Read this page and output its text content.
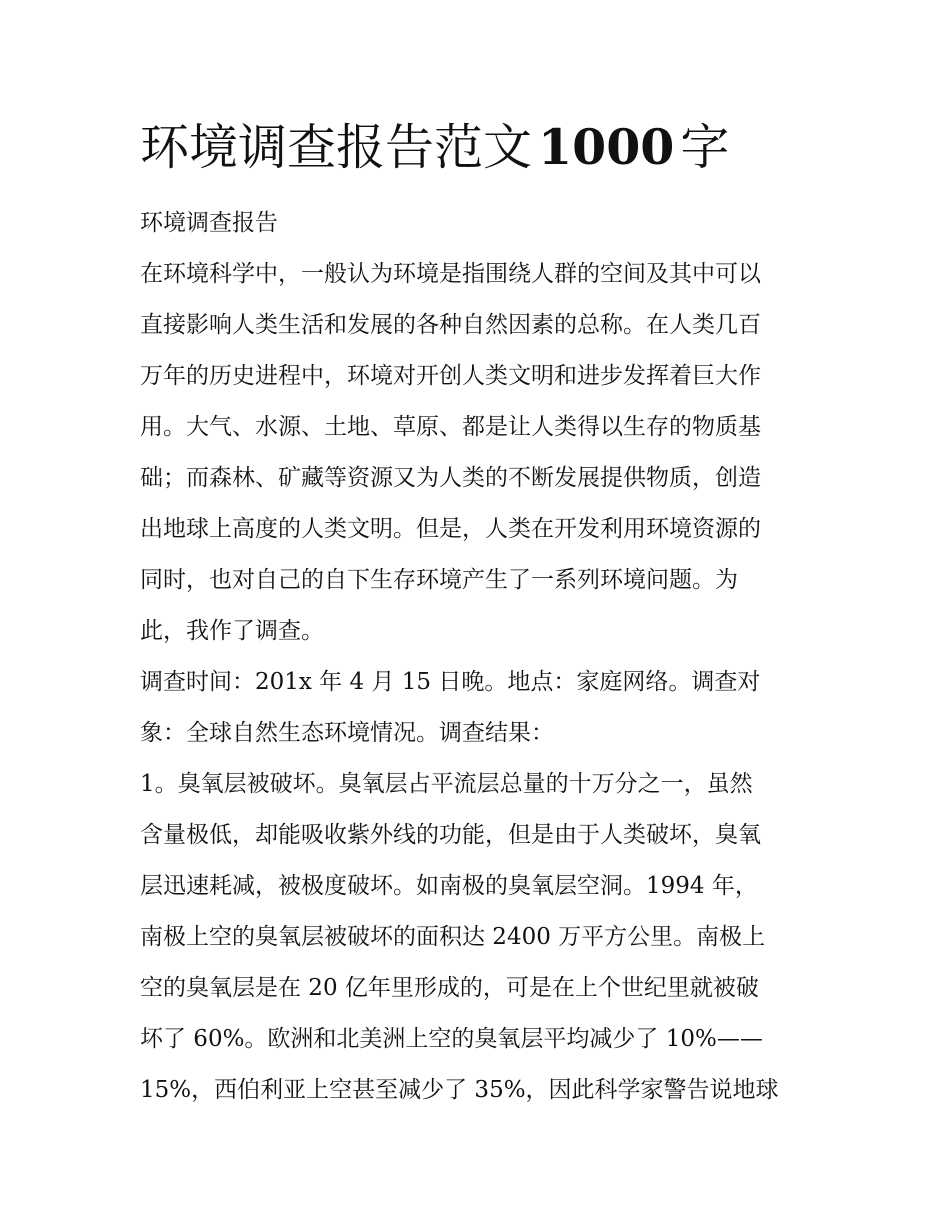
环境调查报告范文 1000 字
环境调查报告
在环境科学中，一般认为环境是指围绕人群的空间及其中可以
直接影响人类生活和发展的各种自然因素的总称。在人类几百
万年的历史进程中，环境对开创人类文明和进步发挥着巨大作
用。大气、水源、土地、草原、都是让人类得以生存的物质基
础；而森林、矿藏等资源又为人类的不断发展提供物质，创造
出地球上高度的人类文明。但是，人类在开发利用环境资源的
同时，也对自己的自下生存环境产生了一系列环境问题。为
此，我作了调查。
调查时间：201x 年 4 月 15 日晚。地点：家庭网络。调查对
象：全球自然生态环境情况。调查结果：
1。臭氧层被破坏。臭氧层占平流层总量的十万分之一，虽然
含量极低，却能吸收紫外线的功能，但是由于人类破坏，臭氧
层迅速耗减，被极度破坏。如南极的臭氧层空洞。1994 年，
南极上空的臭氧层被破坏的面积达 2400 万平方公里。南极上
空的臭氧层是在 20 亿年里形成的，可是在上个世纪里就被破
坏了 60%。欧洲和北美洲上空的臭氧层平均减少了 10%——
15%，西伯利亚上空甚至减少了 35%，因此科学家警告说地球
